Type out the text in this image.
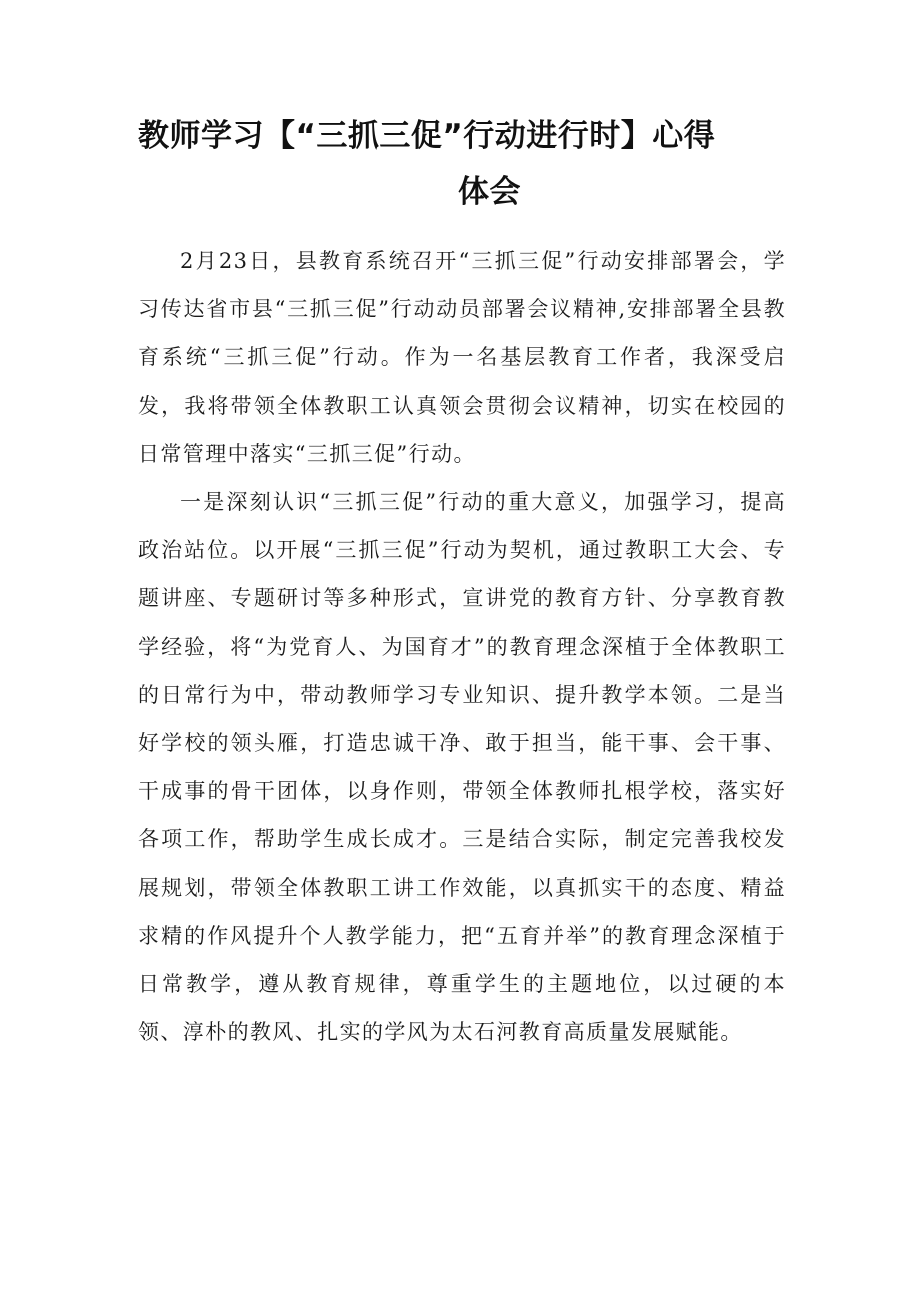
教师学习【“三抓三促”行动进行时】心得
体会

2月23日，县教育系统召开“三抓三促”行动安排部署会，学习传达省市县“三抓三促”行动动员部署会议精神,安排部署全县教育系统“三抓三促”行动。作为一名基层教育工作者，我深受启发，我将带领全体教职工认真领会贯彻会议精神，切实在校园的日常管理中落实“三抓三促”行动。

一是深刻认识“三抓三促”行动的重大意义，加强学习，提高政治站位。以开展“三抓三促”行动为契机，通过教职工大会、专题讲座、专题研讨等多种形式，宣讲党的教育方针、分享教育教学经验，将“为党育人、为国育才”的教育理念深植于全体教职工的日常行为中，带动教师学习专业知识、提升教学本领。二是当好学校的领头雁，打造忠诚干净、敢于担当，能干事、会干事、干成事的骨干团体，以身作则，带领全体教师扎根学校，落实好各项工作，帮助学生成长成才。三是结合实际，制定完善我校发展规划，带领全体教职工讲工作效能，以真抓实干的态度、精益求精的作风提升个人教学能力，把“五育并举”的教育理念深植于日常教学，遵从教育规律，尊重学生的主题地位，以过硬的本领、淳朴的教风、扎实的学风为太石河教育高质量发展赋能。
